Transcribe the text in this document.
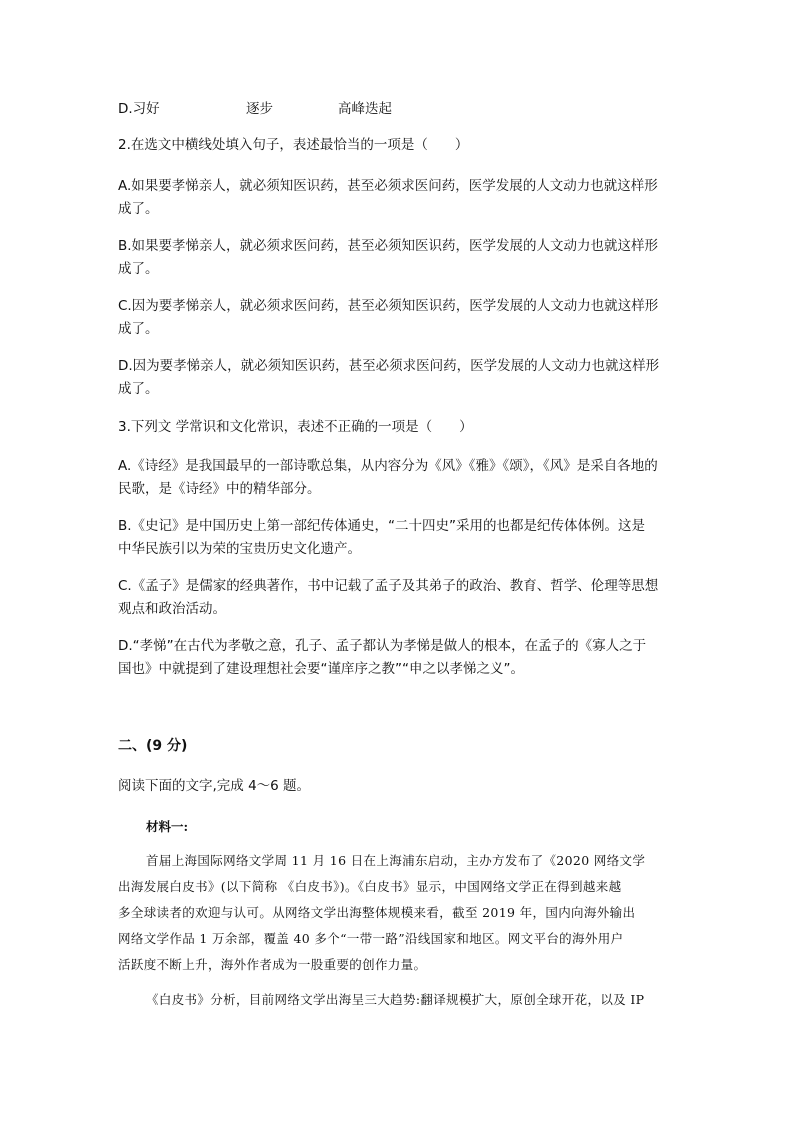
D.习好	逐步	高峰迭起

2.在选文中横线处填入句子，表述最恰当的一项是（　　）

A.如果要孝悌亲人，就必须知医识药，甚至必须求医问药，医学发展的人文动力也就这样形

成了。

B.如果要孝悌亲人，就必须求医问药，甚至必须知医识药，医学发展的人文动力也就这样形

成了。

C.因为要孝悌亲人，就必须求医问药，甚至必须知医识药，医学发展的人文动力也就这样形

成了。

D.因为要孝悌亲人，就必须知医识药，甚至必须求医问药，医学发展的人文动力也就这样形

成了。

3.下列文 学常识和文化常识，表述不正确的一项是（　　）

A.《诗经》是我国最早的一部诗歌总集，从内容分为《风》《雅》《颂》，《风》是采自各地的

民歌，是《诗经》中的精华部分。

B.《史记》是中国历史上第一部纪传体通史，“二十四史”采用的也都是纪传体体例。这是

中华民族引以为荣的宝贵历史文化遗产。

C.《孟子》是儒家的经典著作，书中记载了孟子及其弟子的政治、教育、哲学、伦理等思想

观点和政治活动。

D.“孝悌”在古代为孝敬之意，孔子、孟子都认为孝悌是做人的根本，在孟子的《寡人之于

国也》中就提到了建设理想社会要“谨庠序之教”“申之以孝悌之义”。

二、(9 分)

阅读下面的文字,完成 4～6 题。

材料一:

首届上海国际网络文学周 11 月 16 日在上海浦东启动，主办方发布了《2020 网络文学

出海发展白皮书》(以下简称 《白皮书》)。《白皮书》显示，中国网络文学正在得到越来越

多全球读者的欢迎与认可。从网络文学出海整体规模来看，截至 2019 年，国内向海外输出

网络文学作品 1 万余部，覆盖 40 多个“一带一路”沿线国家和地区。网文平台的海外用户

活跃度不断上升，海外作者成为一股重要的创作力量。

《白皮书》分析，目前网络文学出海呈三大趋势:翻译规模扩大，原创全球开花，以及 IP
